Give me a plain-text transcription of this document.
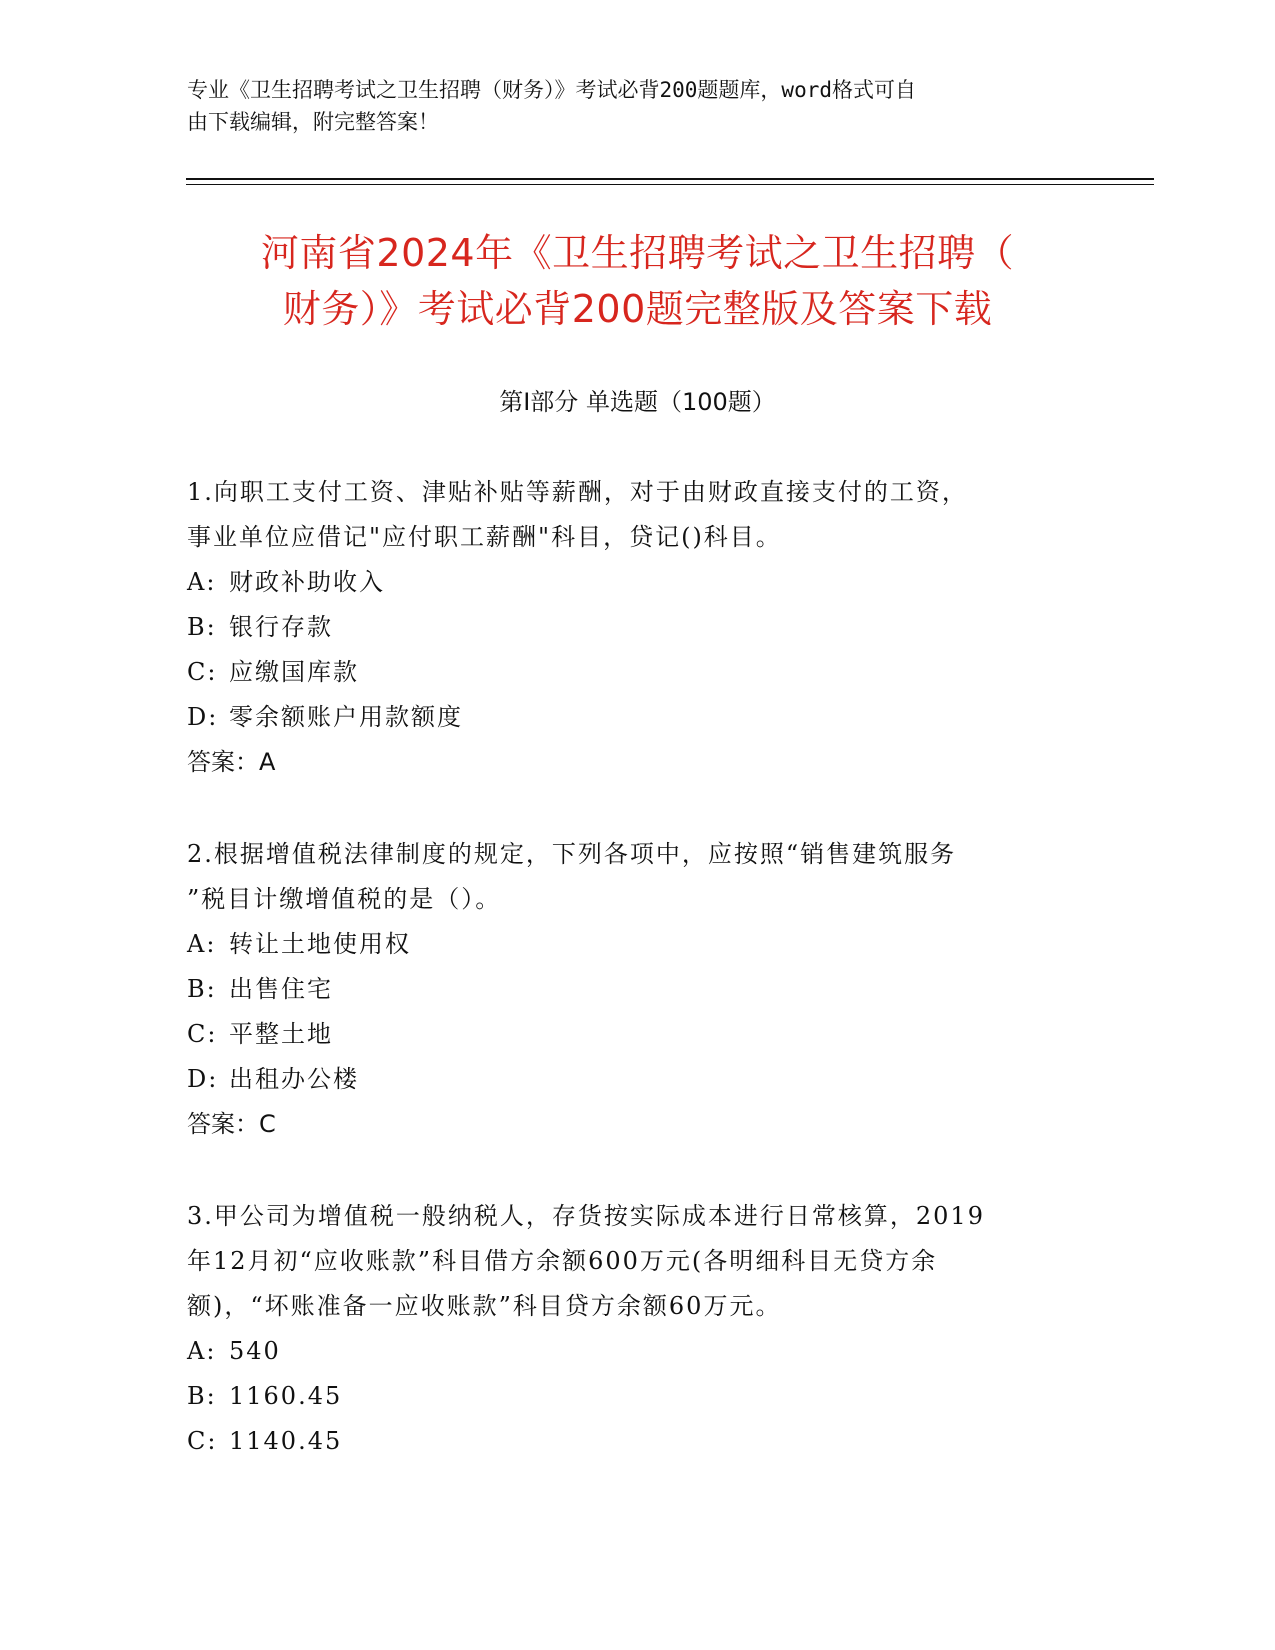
专业《卫生招聘考试之卫生招聘（财务）》考试必背200题题库，word格式可自
由下载编辑，附完整答案！
河南省2024年《卫生招聘考试之卫生招聘（
财务）》考试必背200题完整版及答案下载
第Ⅰ部分 单选题（100题）

1.向职工支付工资、津贴补贴等薪酬，对于由财政直接支付的工资，

事业单位应借记"应付职工薪酬"科目，贷记()科目。

A: 财政补助收入

B: 银行存款

C: 应缴国库款

D: 零余额账户用款额度

答案：A

2.根据增值税法律制度的规定，下列各项中，应按照“销售建筑服务

”税目计缴增值税的是（）。

A: 转让土地使用权

B: 出售住宅

C: 平整土地

D: 出租办公楼

答案：C

3.甲公司为增值税一般纳税人，存货按实际成本进行日常核算，2019

年12月初“应收账款”科目借方余额600万元(各明细科目无贷方余

额)，“坏账准备一应收账款”科目贷方余额60万元。

A: 540

B: 1160.45

C: 1140.45
